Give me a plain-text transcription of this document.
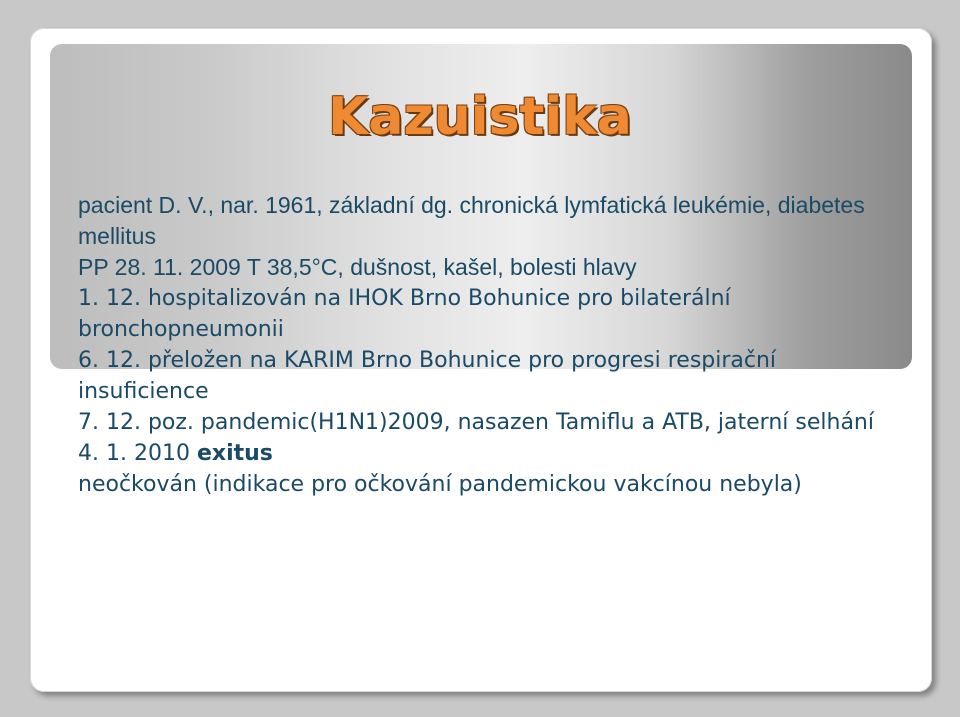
Kazuistika

pacient D. V., nar. 1961, základní dg. chronická lymfatická leukémie, diabetes mellitus

PP 28. 11. 2009 T 38,5°C, dušnost, kašel, bolesti hlavy

1. 12. hospitalizován na IHOK Brno Bohunice pro bilaterální bronchopneumonii

6. 12. přeložen na KARIM Brno Bohunice pro progresi respirační insuficience

7. 12. poz. pandemic(H1N1)2009, nasazen Tamiflu a ATB, jaterní selhání

4. 1. 2010 exitus

neočkován (indikace pro očkování pandemickou vakcínou nebyla)
